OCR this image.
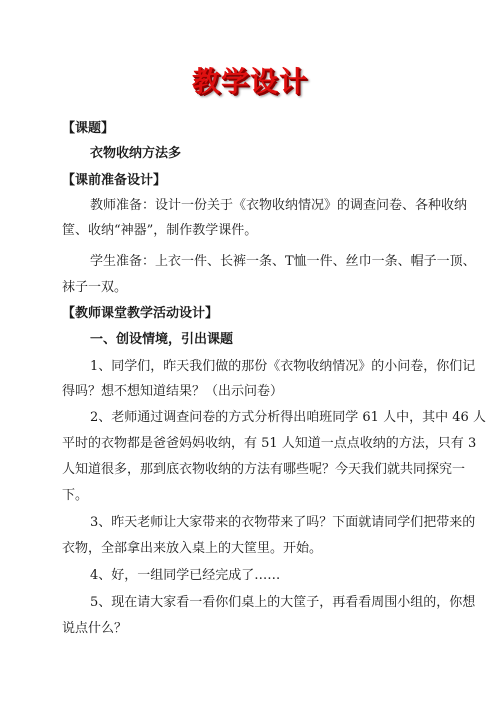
教学设计
【课题】
衣物收纳方法多
【课前准备设计】
教师准备：设计一份关于《衣物收纳情况》的调查问卷、各种收纳
筐、收纳“神器”，制作教学课件。
学生准备：上衣一件、长裤一条、T恤一件、丝巾一条、帽子一顶、
袜子一双。
【教师课堂教学活动设计】
一、创设情境，引出课题
1、同学们，昨天我们做的那份《衣物收纳情况》的小问卷，你们记
得吗？想不想知道结果？（出示问卷）
2、老师通过调查问卷的方式分析得出咱班同学 61 人中，其中 46 人
平时的衣物都是爸爸妈妈收纳，有 51 人知道一点点收纳的方法，只有 3
人知道很多，那到底衣物收纳的方法有哪些呢？今天我们就共同探究一
下。
3、昨天老师让大家带来的衣物带来了吗？下面就请同学们把带来的
衣物，全部拿出来放入桌上的大筐里。开始。
4、好，一组同学已经完成了……
5、现在请大家看一看你们桌上的大筐子，再看看周围小组的，你想
说点什么？
